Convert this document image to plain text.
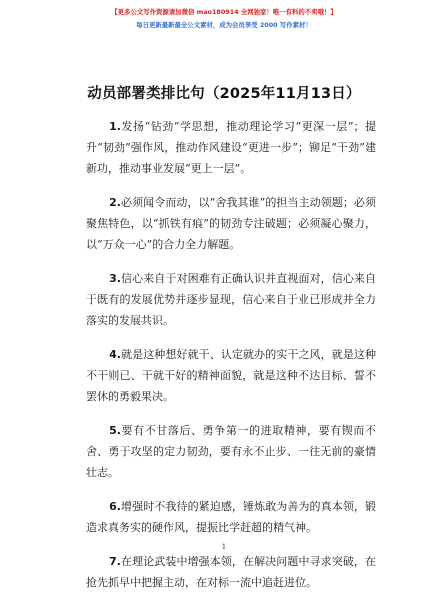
【更多公文写作资源请加微信 mao180914 全网独家！唯一有料的不卖哦！】
每日更新最新最全公文素材，成为会员享受 2000 写作素材！
动员部署类排比句（2025年11月13日）

1.发扬“钻劲”学思想，推动理论学习“更深一层”；提升“韧劲”强作风，推动作风建设“更进一步”；铆足“干劲”建新功，推动事业发展“更上一层”。

2.必须闻令而动，以“舍我其谁”的担当主动领题；必须聚焦特色，以“抓铁有痕”的韧劲专注破题；必须凝心聚力，以“万众一心”的合力全力解题。

3.信心来自于对困难有正确认识并直视面对，信心来自于既有的发展优势并逐步显现，信心来自于业已形成并全力落实的发展共识。

4.就是这种想好就干、认定就办的实干之风，就是这种不干则已、干就干好的精神面貌，就是这种不达目标、誓不罢休的勇毅果决。

5.要有不甘落后、勇争第一的进取精神，要有锲而不舍、勇于攻坚的定力韧劲，要有永不止步、一往无前的豪情壮志。

6.增强时不我待的紧迫感，锤炼敢为善为的真本领，锻造求真务实的硬作风，提振比学赶超的精气神。

7.在理论武装中增强本领，在解决问题中寻求突破，在抢先抓早中把握主动，在对标一流中追赶进位。

1
